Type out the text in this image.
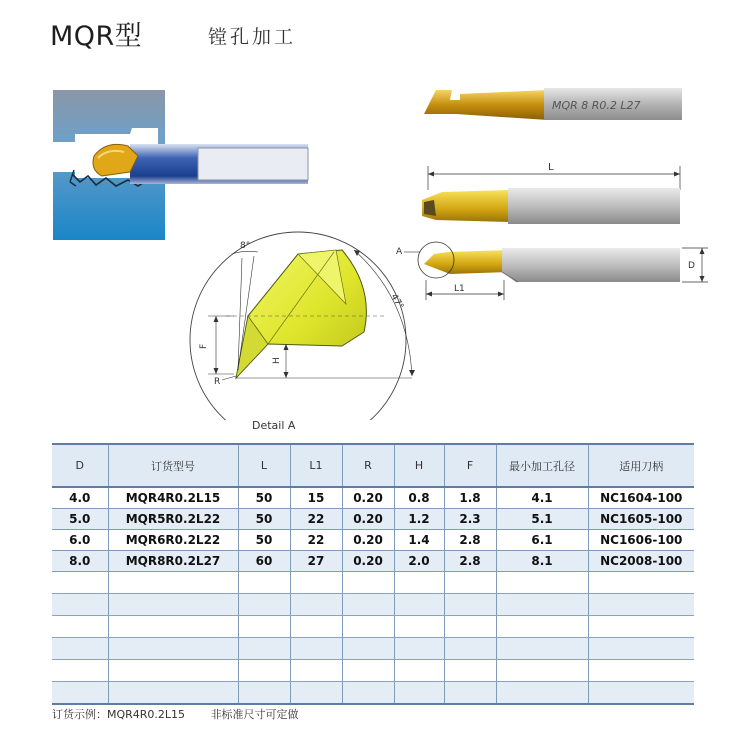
MQR型	镗孔加工
MQR 8 R0.2 L27
L
A
L1
D
8°
47°
F
H
R
Detail A
D	订货型号	L	L1	R	H	F	最小加工孔径	适用刀柄
4.0	MQR4R0.2L15	50	15	0.20	0.8	1.8	4.1	NC1604-100
5.0	MQR5R0.2L22	50	22	0.20	1.2	2.3	5.1	NC1605-100
6.0	MQR6R0.2L22	50	22	0.20	1.4	2.8	6.1	NC1606-100
8.0	MQR8R0.2L27	60	27	0.20	2.0	2.8	8.1	NC2008-100

订货示例：MQR4R0.2L15 非标准尺寸可定做
